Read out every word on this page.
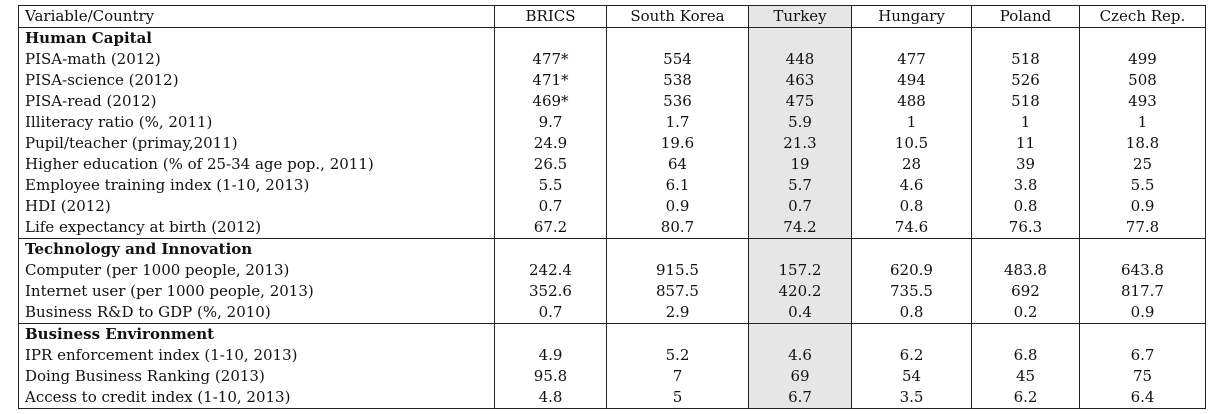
Variable/Country	BRICS	South Korea	Turkey	Hungary	Poland	Czech Rep.
Human Capital						
PISA-math (2012)	477*	554	448	477	518	499
PISA-science (2012)	471*	538	463	494	526	508
PISA-read (2012)	469*	536	475	488	518	493
Illiteracy ratio (%, 2011)	9.7	1.7	5.9	1	1	1
Pupil/teacher (primay,2011)	24.9	19.6	21.3	10.5	11	18.8
Higher education (% of 25-34 age pop., 2011)	26.5	64	19	28	39	25
Employee training index (1-10, 2013)	5.5	6.1	5.7	4.6	3.8	5.5
HDI (2012)	0.7	0.9	0.7	0.8	0.8	0.9
Life expectancy at birth (2012)	67.2	80.7	74.2	74.6	76.3	77.8
Technology and Innovation						
Computer (per 1000 people, 2013)	242.4	915.5	157.2	620.9	483.8	643.8
Internet user (per 1000 people, 2013)	352.6	857.5	420.2	735.5	692	817.7
Business R&D to GDP (%, 2010)	0.7	2.9	0.4	0.8	0.2	0.9
Business Environment						
IPR enforcement index (1-10, 2013)	4.9	5.2	4.6	6.2	6.8	6.7
Doing Business Ranking (2013)	95.8	7	69	54	45	75
Access to credit index (1-10, 2013)	4.8	5	6.7	3.5	6.2	6.4
